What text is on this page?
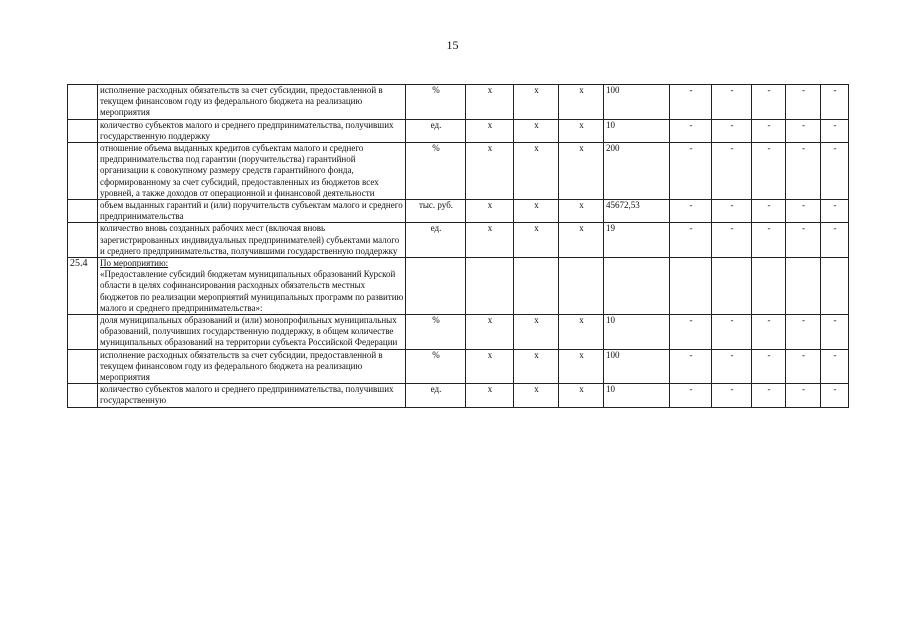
15
	исполнение расходных обязательств за счет субсидии, предоставленной в текущем финансовом году из федерального бюджета на реализацию мероприятия	%	х	х	х	100	-	-	-	-	-
	количество субъектов малого и среднего предпринимательства, получивших государственную поддержку	ед.	х	х	х	10	-	-	-	-	-
	отношение объема выданных кредитов субъектам малого и среднего предпринимательства под гарантии (поручительства) гарантийной организации к совокупному размеру средств гарантийного фонда, сформированному за счет субсидий, предоставленных из бюджетов всех уровней, а также доходов от операционной и финансовой деятельности	%	х	х	х	200	-	-	-	-	-
	объем выданных гарантий и (или) поручительств субъектам малого и среднего предпринимательства	тыс. руб.	х	х	х	45672,53	-	-	-	-	-
	количество вновь созданных рабочих мест (включая вновь зарегистрированных индивидуальных предпринимателей) субъектами малого и среднего предпринимательства, получившими государственную поддержку	ед.	х	х	х	19	-	-	-	-	-
25.4	По мероприятию:
«Предоставление субсидий бюджетам муниципальных образований Курской области в целях софинансирования расходных обязательств местных бюджетов по реализации мероприятий муниципальных программ по развитию малого и среднего предпринимательства»:										
	доля муниципальных образований и (или) монопрофильных муниципальных образований, получивших государственную поддержку, в общем количестве муниципальных образований на территории субъекта Российской Федерации	%	х	х	х	10	-	-	-	-	-
	исполнение расходных обязательств за счет субсидии, предоставленной в текущем финансовом году из федерального бюджета на реализацию мероприятия	%	х	х	х	100	-	-	-	-	-
	количество субъектов малого и среднего предпринимательства, получивших государственную	ед.	х	х	х	10	-	-	-	-	-
